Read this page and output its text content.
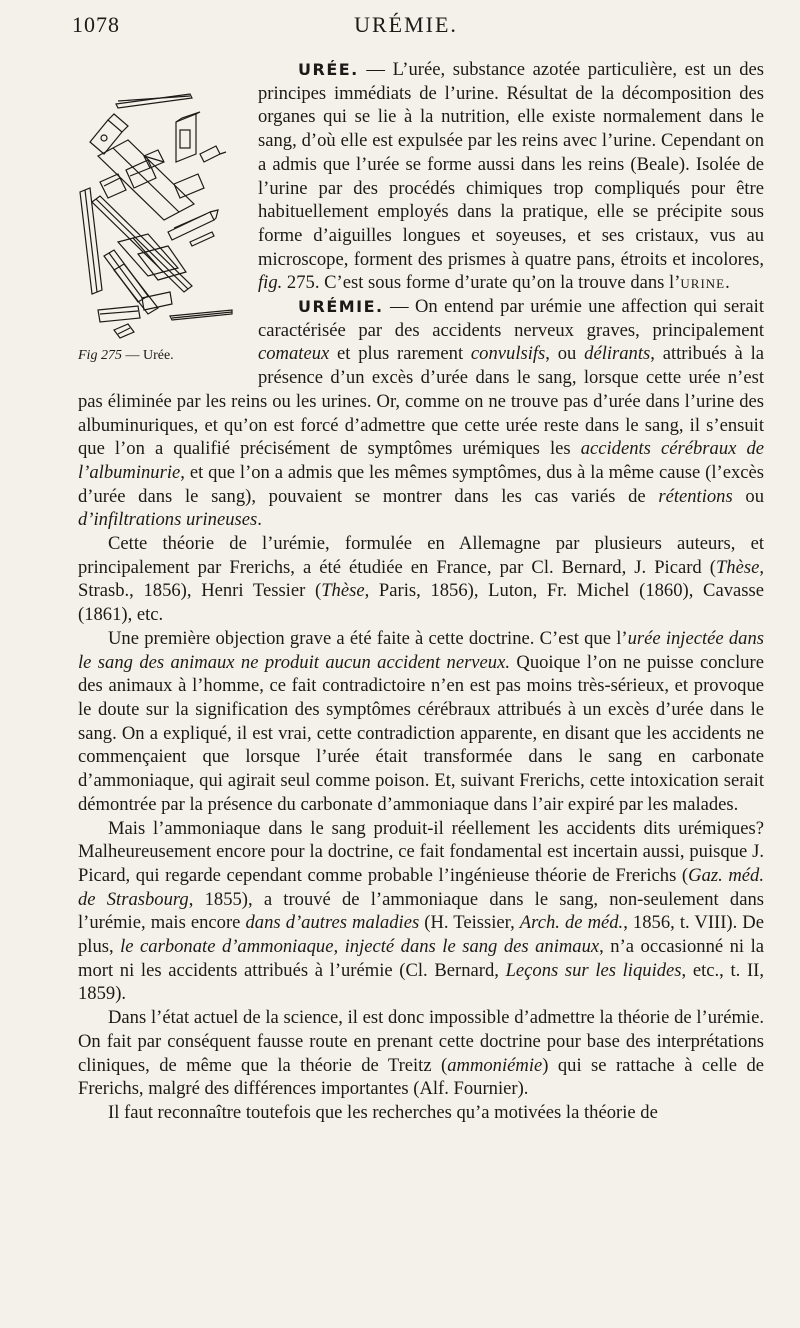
1078	URÉMIE.
Fig 275 — Urée.

URÉE. — L’urée, substance azotée particulière, est un des principes immédiats de l’urine. Résultat de la décomposition des organes qui se lie à la nutrition, elle existe normalement dans le sang, d’où elle est expulsée par les reins avec l’urine. Cependant on a admis que l’urée se forme aussi dans les reins (Beale). Isolée de l’urine par des procédés chimiques trop compliqués pour être habituellement employés dans la pratique, elle se précipite sous forme d’aiguilles longues et soyeuses, et ses cristaux, vus au microscope, forment des prismes à quatre pans, étroits et incolores, fig. 275. C’est sous forme d’urate qu’on la trouve dans l’urine.

URÉMIE. — On entend par urémie une affection qui serait caractérisée par des accidents nerveux graves, principalement comateux et plus rarement convulsifs, ou délirants, attribués à la présence d’un excès d’urée dans le sang, lorsque cette urée n’est pas éliminée par les reins ou les urines. Or, comme on ne trouve pas d’urée dans l’urine des albuminuriques, et qu’on est forcé d’admettre que cette urée reste dans le sang, il s’ensuit que l’on a qualifié précisément de symptômes urémiques les accidents cérébraux de l’albuminurie, et que l’on a admis que les mêmes symptômes, dus à la même cause (l’excès d’urée dans le sang), pouvaient se montrer dans les cas variés de rétentions ou d’infiltrations urineuses.

Cette théorie de l’urémie, formulée en Allemagne par plusieurs auteurs, et principalement par Frerichs, a été étudiée en France, par Cl. Bernard, J. Picard (Thèse, Strasb., 1856), Henri Tessier (Thèse, Paris, 1856), Luton, Fr. Michel (1860), Cavasse (1861), etc.

Une première objection grave a été faite à cette doctrine. C’est que l’urée injectée dans le sang des animaux ne produit aucun accident nerveux. Quoique l’on ne puisse conclure des animaux à l’homme, ce fait contradictoire n’en est pas moins très-sérieux, et provoque le doute sur la signification des symptômes cérébraux attribués à un excès d’urée dans le sang. On a expliqué, il est vrai, cette contradiction apparente, en disant que les accidents ne commençaient que lorsque l’urée était transformée dans le sang en carbonate d’ammoniaque, qui agirait seul comme poison. Et, suivant Frerichs, cette intoxication serait démontrée par la présence du carbonate d’ammoniaque dans l’air expiré par les malades.

Mais l’ammoniaque dans le sang produit-il réellement les accidents dits urémiques? Malheureusement encore pour la doctrine, ce fait fondamental est incertain aussi, puisque J. Picard, qui regarde cependant comme probable l’ingénieuse théorie de Frerichs (Gaz. méd. de Strasbourg, 1855), a trouvé de l’ammoniaque dans le sang, non-seulement dans l’urémie, mais encore dans d’autres maladies (H. Teissier, Arch. de méd., 1856, t. VIII). De plus, le carbonate d’ammoniaque, injecté dans le sang des animaux, n’a occasionné ni la mort ni les accidents attribués à l’urémie (Cl. Bernard, Leçons sur les liquides, etc., t. II, 1859).

Dans l’état actuel de la science, il est donc impossible d’admettre la théorie de l’urémie. On fait par conséquent fausse route en prenant cette doctrine pour base des interprétations cliniques, de même que la théorie de Treitz (ammoniémie) qui se rattache à celle de Frerichs, malgré des différences importantes (Alf. Fournier).

Il faut reconnaître toutefois que les recherches qu’a motivées la théorie de
